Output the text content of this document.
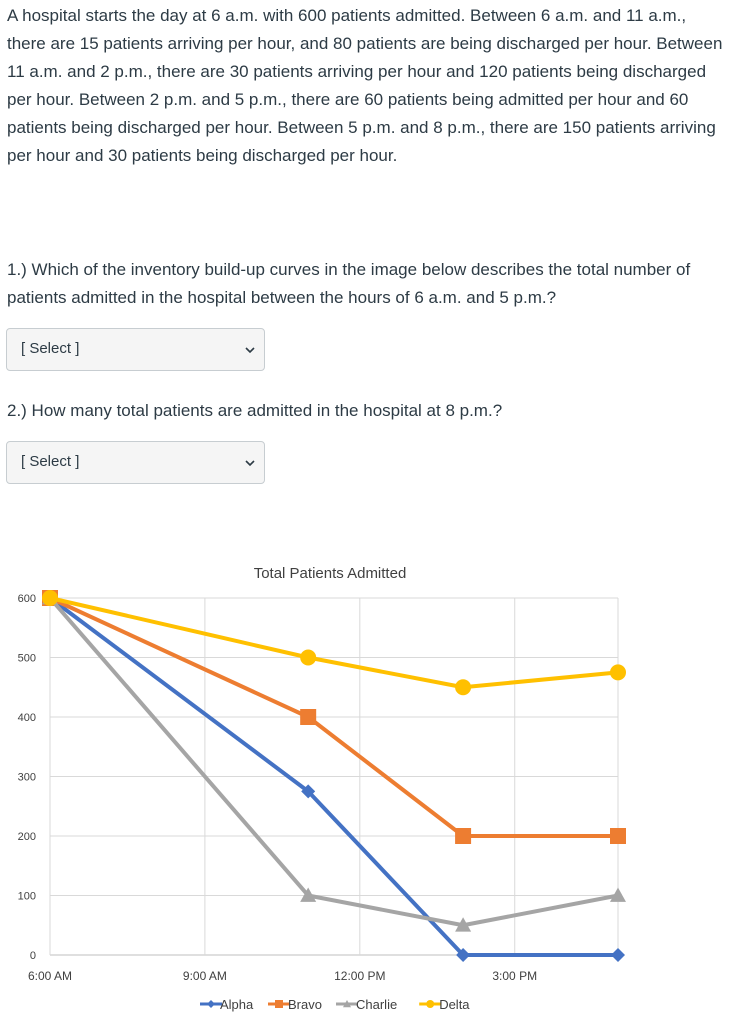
A hospital starts the day at 6 a.m. with 600 patients admitted. Between 6 a.m. and 11 a.m., there are 15 patients arriving per hour, and 80 patients are being discharged per hour. Between 11 a.m. and 2 p.m., there are 30 patients arriving per hour and 120 patients being discharged per hour. Between 2 p.m. and 5 p.m., there are 60 patients being admitted per hour and 60 patients being discharged per hour. Between 5 p.m. and 8 p.m., there are 150 patients arriving per hour and 30 patients being discharged per hour.

1.) Which of the inventory build-up curves in the image below describes the total number of patients admitted in the hospital between the hours of 6 a.m. and 5 p.m.?

[ Select ]

2.) How many total patients are admitted in the hospital at 8 p.m.?

[ Select ]
Total Patients Admitted
0
100
200
300
400
500
600
6:00 AM	9:00 AM	12:00 PM	3:00 PM
Alpha	Bravo	Charlie	Delta
